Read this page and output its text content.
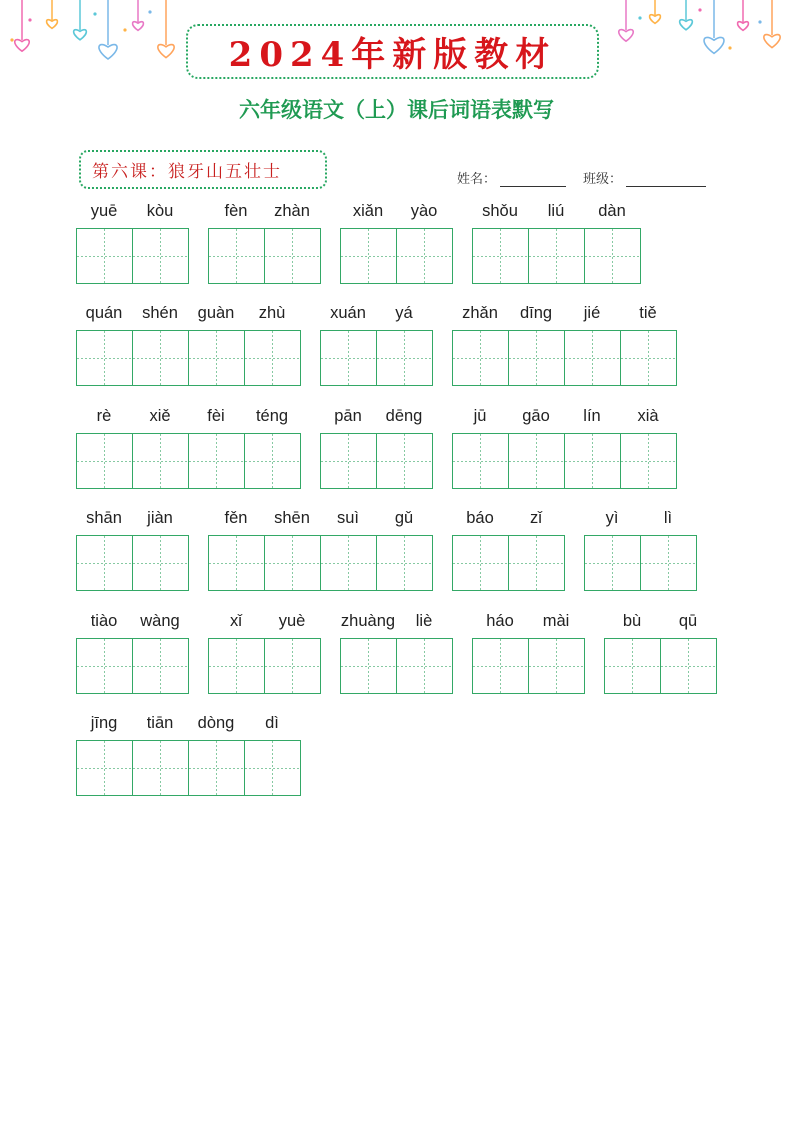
2024年新版教材
六年级语文（上）课后词语表默写
第六课：狼牙山五壮士	姓名：	班级：
yuē	kòu	fèn	zhàn	xiǎn	yào	shǒu	liú	dàn
quán	shén	guàn	zhù	xuán	yá	zhǎn	dīng	jié	tiě
rè	xiě	fèi	téng	pān	dēng	jū	gāo	lín	xià
shān	jiàn	fěn	shēn	suì	gǔ	báo	zǐ	yì	lì
tiào	wàng	xǐ	yuè	zhuàng	liè	háo	mài	bù	qū
jīng	tiān	dòng	dì
